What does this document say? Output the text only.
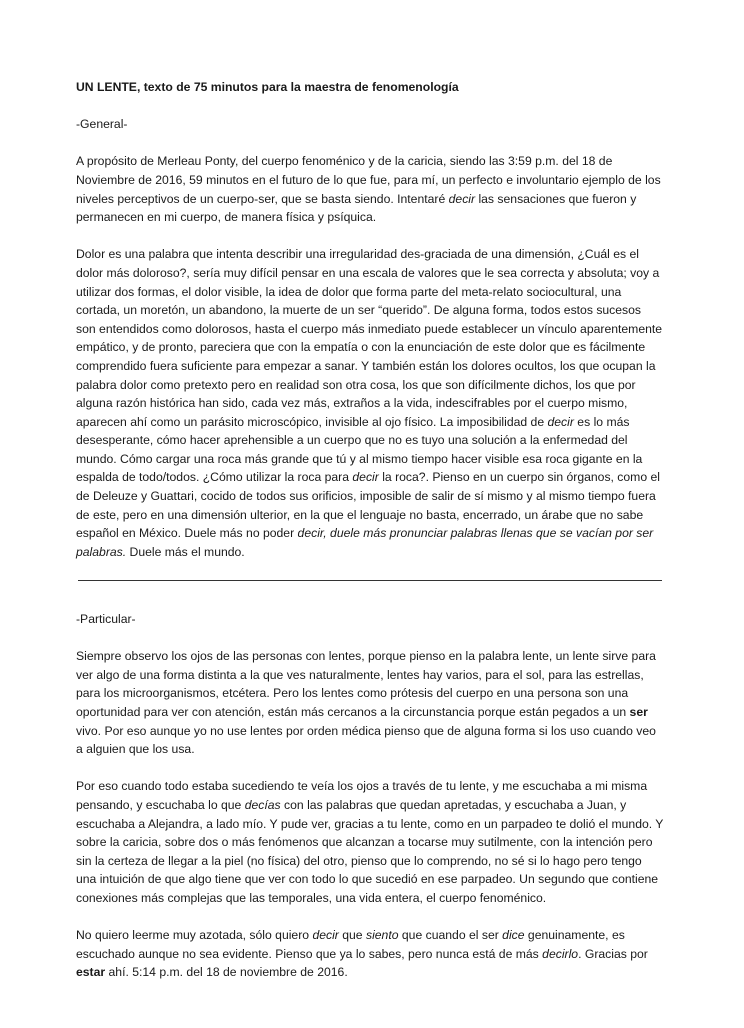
UN LENTE, texto de 75 minutos para la maestra de fenomenología
-General-

A propósito de Merleau Ponty, del cuerpo fenoménico y de la caricia, siendo las 3:59 p.m. del 18 de Noviembre de 2016, 59 minutos en el futuro de lo que fue, para mí, un perfecto e involuntario ejemplo de los niveles perceptivos de un cuerpo-ser, que se basta siendo. Intentaré decir las sensaciones que fueron y permanecen en mi cuerpo, de manera física y psíquica.

Dolor es una palabra que intenta describir una irregularidad des-graciada de una dimensión, ¿Cuál es el dolor más doloroso?, sería muy difícil pensar en una escala de valores que le sea correcta y absoluta; voy a utilizar dos formas, el dolor visible, la idea de dolor que forma parte del meta-relato sociocultural, una cortada, un moretón, un abandono, la muerte de un ser “querido”. De alguna forma, todos estos sucesos son entendidos como dolorosos, hasta el cuerpo más inmediato puede establecer un vínculo aparentemente empático, y de pronto, pareciera que con la empatía o con la enunciación de este dolor que es fácilmente comprendido fuera suficiente para empezar a sanar. Y también están los dolores ocultos, los que ocupan la palabra dolor como pretexto pero en realidad son otra cosa, los que son difícilmente dichos, los que por alguna razón histórica han sido, cada vez más, extraños a la vida, indescifrables por el cuerpo mismo, aparecen ahí como un parásito microscópico, invisible al ojo físico. La imposibilidad de decir es lo más desesperante, cómo hacer aprehensible a un cuerpo que no es tuyo una solución a la enfermedad del mundo. Cómo cargar una roca más grande que tú y al mismo tiempo hacer visible esa roca gigante en la espalda de todo/todos. ¿Cómo utilizar la roca para decir la roca?. Pienso en un cuerpo sin órganos, como el de Deleuze y Guattari, cocido de todos sus orificios, imposible de salir de sí mismo y al mismo tiempo fuera de este, pero en una dimensión ulterior, en la que el lenguaje no basta, encerrado, un árabe que no sabe español en México. Duele más no poder decir, duele más pronunciar palabras llenas que se vacían por ser palabras. Duele más el mundo.

-Particular-

Siempre observo los ojos de las personas con lentes, porque pienso en la palabra lente, un lente sirve para ver algo de una forma distinta a la que ves naturalmente, lentes hay varios, para el sol, para las estrellas, para los microorganismos, etcétera. Pero los lentes como prótesis del cuerpo en una persona son una oportunidad para ver con atención, están más cercanos a la circunstancia porque están pegados a un ser vivo. Por eso aunque yo no use lentes por orden médica pienso que de alguna forma si los uso cuando veo a alguien que los usa.

Por eso cuando todo estaba sucediendo te veía los ojos a través de tu lente, y me escuchaba a mi misma pensando, y escuchaba lo que decías con las palabras que quedan apretadas, y escuchaba a Juan, y escuchaba a Alejandra, a lado mío. Y pude ver, gracias a tu lente, como en un parpadeo te dolió el mundo. Y sobre la caricia, sobre dos o más fenómenos que alcanzan a tocarse muy sutilmente, con la intención pero sin la certeza de llegar a la piel (no física) del otro, pienso que lo comprendo, no sé si lo hago pero tengo una intuición de que algo tiene que ver con todo lo que sucedió en ese parpadeo. Un segundo que contiene conexiones más complejas que las temporales, una vida entera, el cuerpo fenoménico.

No quiero leerme muy azotada, sólo quiero decir que siento que cuando el ser dice genuinamente, es escuchado aunque no sea evidente. Pienso que ya lo sabes, pero nunca está de más decirlo. Gracias por estar ahí. 5:14 p.m. del 18 de noviembre de 2016.
